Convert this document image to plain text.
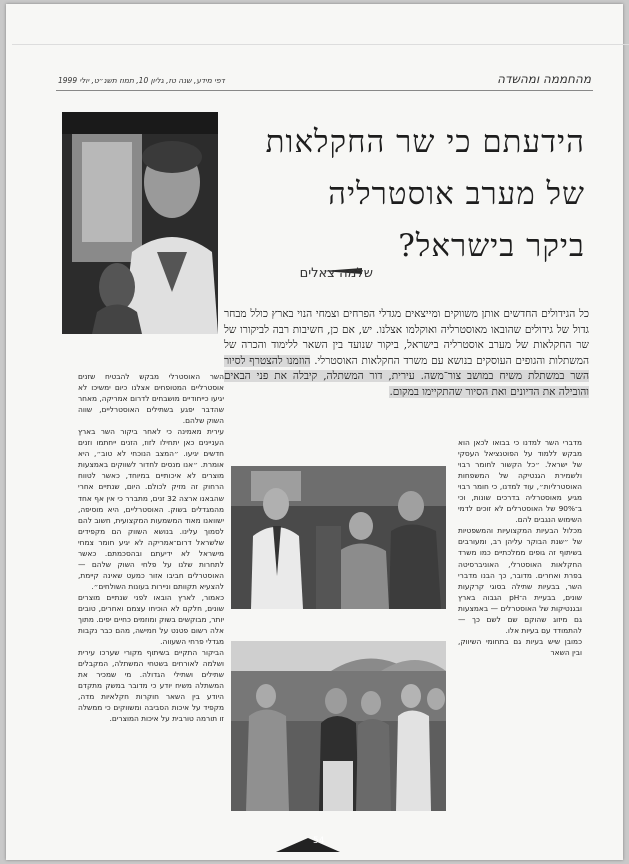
דפי מידע, שנה טז, גליון 10, תמוז תשנ״ט, יולי 1999	מהחממה ומהשדה
הידעתם כי שר החקלאות
של מערב אוסטרליה
ביקר בישראל?
שלמה צאלים
כל הגידולים החדשים אותן משווקים ומייצאים מגדלי הפרחים וצמחי הנוי בארץ כולל מבחר גדול של גידולים שהובאו מאוסטרליה ואוקלמו אצלנו. יש, אם כן, חשיבות רבה לביקורו של שר החקלאות של מערב אוסטרליה בישראל, ביקור שנועד בין השאר ללימוד והכרה של המשתלות והגופים העוסקים בנושא עם משרד החקלאות האוסטרלי. הוזמנו להצטרף לסיור השר במשתלת משיח במושב צור־משה. עירית, דור המשתלה, קיבלה את פני הבאים והובילה את הדיונים ואת הסיור שהתקיימו במקום.

השר האוסטרלי מבקש להבטיח שזנים אוסטרליים המטופחים אצלנו כיום ימשיכו לא יגיעו כייחודיים מושבחים לדרום אמריקה, מאחר שהדבר יפגע בשתילים האוסטרליים, שווה השוק שלהם.

עירית מאמינה כי לאחר ביקור השר בארץ העניינים כאן יתחילו לזוז, הזנים ייחתמו וזנים חדשים יגיעו. ״המצב הנוכחי לא טוב״, היא אומרת. ״אנו מנסים לחדור לשווקים באמצעות מוצרים לא איכותיים במיוחד, כאשר לטווח הרחוק זה מזיק לכולם. היום, שנתיים אחרי שהבאנו ארצה 32 זנים, מתברר כי אין אף אחד מהמגדלים בשוק. האוסטרליים, היא מוסיפה, ישוואנו מאוד המשמעות המקצועית, חשוב להם לסמוך עלינו. בנושא השווק הם מקפידים שלשראל דרום־אמריקה לא יגיע חומר צמחי מישראל לא ידיעתם ובהסכמתם. כאשר לתחרות שלנו על פלחי השוק שלהם — האוסטרלים חביבו אזור כמעט שאינה קיימת, להצעיא תקוותם וניירות בעונות השולחים״.

כאמור, לארץ הובאו לפני שנתיים מוצרים שונים, חלקם לא הוכיחו עצמם ואחרים, טובים יותר, מבוקשים בשוק ומוזמים כחיים יפים. מתוך אלה רשום פטנט על חמישה, מהם כבר נקבות מגדלי פרחי השעווה.

הביקור התקיים בשיתוף מקורי שערכו עירית ושלמה לאורחים בשטחי המשתלה, המקבלים שתילים ושתילי הגדולה. מי שמכיר את המשתלה משיח יודע כי מדובר במשק מתקדם היודע בין השאר חוקרות חקלאיות מדה, מקפיד על איכות הסביבה ומשווקים כי ממשלה זו תורמה טורבית על איכות המוצרים.

מדברי השר למדנו כי בבואו לכאן הוא מבקש ללמוד על הפוטנציאל העסקי של ישראל. ״כל הקשור לחומר רבוי ולשמירת הגנטיקה של המשפחות האוסטרליות״, עוד למדנו, כי חומר רבוי מגיע מאוסטרליה בדרכים שונות, וכי ב־90% של האוסטרלים לא זוכים לדמי השימוש הנגבים להם.

מכלול הבעיות המקצועיות והמשפטיות של ״שנת הבוקר עליהן רב, ומעורבים בשיתוף זה גופים ממלכתיים כמו משרד החקלאות האוסטרלי, האוניברסיטה בפרת ואחרים. מדובר, כך הבנו מדברי השר, בבעיות שתילה בסוגי קרקעות שונים, בבעיית ה־pH הגבוה בארץ ובגנטיקות של האוסטרלים — באמצעות גם מיזוג שהוקם שם לשם כך — להתמודד עם בעיות אלו.

כמובן שיש בעיות גם בתחומי השיווק, ובין השאר

54
